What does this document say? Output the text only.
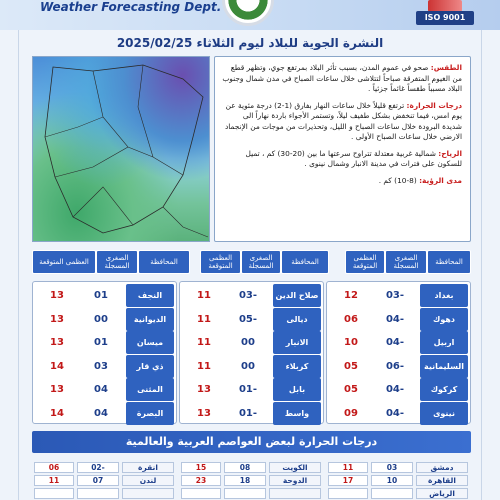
Weather Forecasting Dept.
ISO 9001
النشرة الجوية للبلاد ليوم الثلاثاء 2025/02/25

الطقس: صحو في عموم المدن، بسبب تأثر البلاد بمرتفع جوي، وتظهر قطع من الغيوم المتفرقة صباحاً لتتلاشى خلال ساعات الصباح في مدن شمال وجنوب البلاد مسبباً طقساً غائماً جزئياً .

درجات الحرارة: ترتفع قليلاً خلال ساعات النهار بفارق (1-2) درجة مئوية عن يوم امس، فيما تنخفض بشكل طفيف ليلاً، وتستمر الأجواء باردة نهاراً الى شديدة البرودة خلال ساعات الصباح و الليل، وتحذيرات من موجات من الإنجماد الارضي خلال ساعات الصباح الأولى .

الرياح: شمالية غربية معتدلة تتراوح سرعتها ما بين (20-30) كم ، تميل للسكون على فترات في مدينة الانبار وشمال نينوى .

مدى الرؤية: (8-10) كم .

المحافظة
الصغرى المسجلة
العظمى المتوقعة
المحافظة
الصغرى المسجلة
العظمى المتوقعة
المحافظة
الصغرى المسجلة
العظمى المتوقعة
12	03-	بغداد
06	04-	دهوك
10	04-	اربيل
05	06-	السليمانية
05	04-	كركوك
09	04-	نينوى
11	03-	صلاح الدين
11	05-	ديالى
11	00	الانبار
11	00	كربلاء
13	01-	بابل
13	01-	واسط
13	01	النجف
13	00	الديوانية
13	01	ميسان
14	03	ذي قار
13	04	المثنى
14	04	البصرة
درجات الحرارة لبعض العواصم العربية والعالمية
11	03	دمشق
17	10	القاهرة
الرياض
15	08	الكويت
23	18	الدوحة
06	02-	انقرة
11	07	لندن
